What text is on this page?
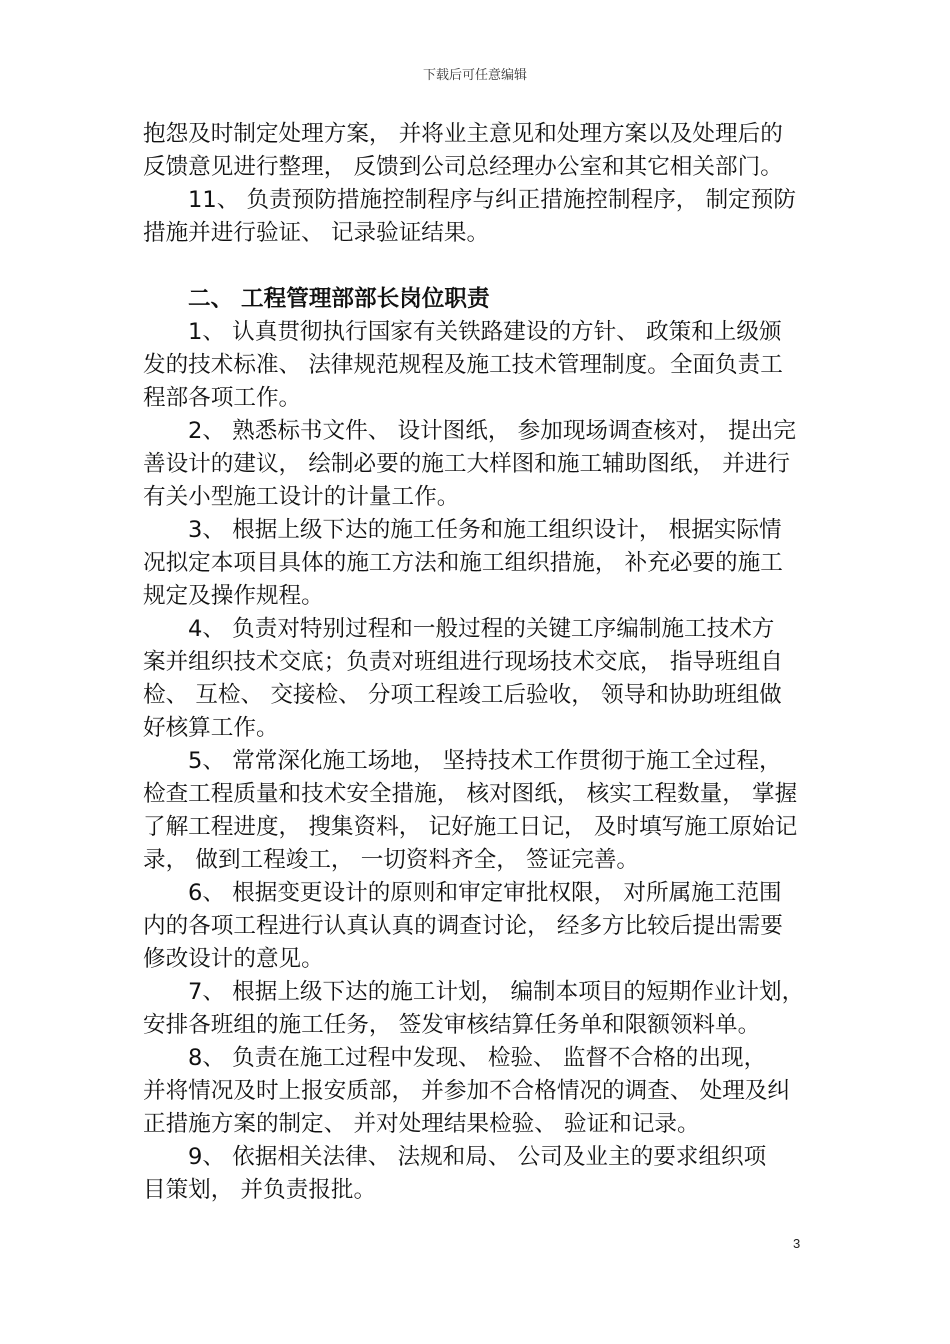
下载后可任意编辑
抱怨及时制定处理方案， 并将业主意见和处理方案以及处理后的
反馈意见进行整理， 反馈到公司总经理办公室和其它相关部门。
11、 负责预防措施控制程序与纠正措施控制程序， 制定预防
措施并进行验证、 记录验证结果。
二、 工程管理部部长岗位职责
1、 认真贯彻执行国家有关铁路建设的方针、 政策和上级颁
发的技术标准、 法律规范规程及施工技术管理制度。全面负责工
程部各项工作。
2、 熟悉标书文件、 设计图纸， 参加现场调查核对， 提出完
善设计的建议， 绘制必要的施工大样图和施工辅助图纸， 并进行
有关小型施工设计的计量工作。
3、 根据上级下达的施工任务和施工组织设计， 根据实际情
况拟定本项目具体的施工方法和施工组织措施， 补充必要的施工
规定及操作规程。
4、 负责对特别过程和一般过程的关键工序编制施工技术方
案并组织技术交底；负责对班组进行现场技术交底， 指导班组自
检、 互检、 交接检、 分项工程竣工后验收， 领导和协助班组做
好核算工作。
5、 常常深化施工场地， 坚持技术工作贯彻于施工全过程，
检查工程质量和技术安全措施， 核对图纸， 核实工程数量， 掌握
了解工程进度， 搜集资料， 记好施工日记， 及时填写施工原始记
录， 做到工程竣工， 一切资料齐全， 签证完善。
6、 根据变更设计的原则和审定审批权限， 对所属施工范围
内的各项工程进行认真认真的调查讨论， 经多方比较后提出需要
修改设计的意见。
7、 根据上级下达的施工计划， 编制本项目的短期作业计划，
安排各班组的施工任务， 签发审核结算任务单和限额领料单。
8、 负责在施工过程中发现、 检验、 监督不合格的出现，
并将情况及时上报安质部， 并参加不合格情况的调查、 处理及纠
正措施方案的制定、 并对处理结果检验、 验证和记录。
9、 依据相关法律、 法规和局、 公司及业主的要求组织项
目策划， 并负责报批。
3
